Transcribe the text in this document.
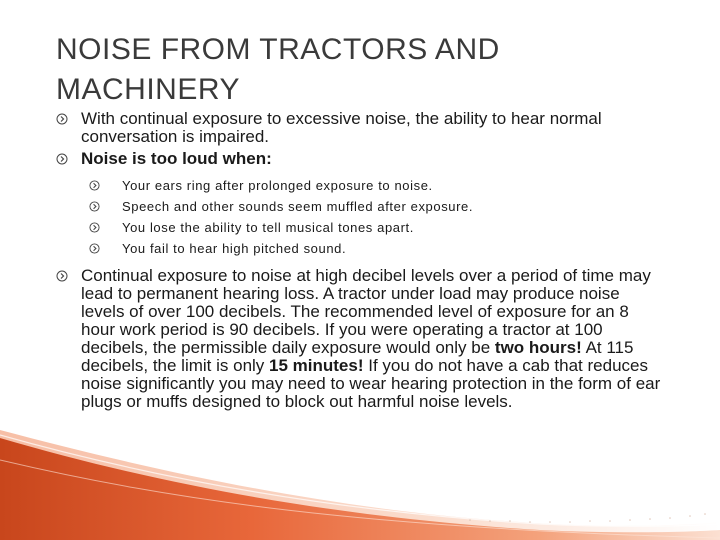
NOISE FROM TRACTORS AND MACHINERY
With continual exposure to excessive noise, the ability to hear normal conversation is impaired.
Noise is too loud when:
Your ears ring after prolonged exposure to noise.
Speech and other sounds seem muffled after exposure.
You lose the ability to tell musical tones apart.
You fail to hear high pitched sound.
Continual exposure to noise at high decibel levels over a period of time may lead to permanent hearing loss. A tractor under load may produce noise levels of over 100 decibels. The recommended level of exposure for an 8 hour work period is 90 decibels. If you were operating a tractor at 100 decibels, the permissible daily exposure would only be two hours! At 115 decibels, the limit is only 15 minutes! If you do not have a cab that reduces noise significantly you may need to wear hearing protection in the form of ear plugs or muffs designed to block out harmful noise levels.
